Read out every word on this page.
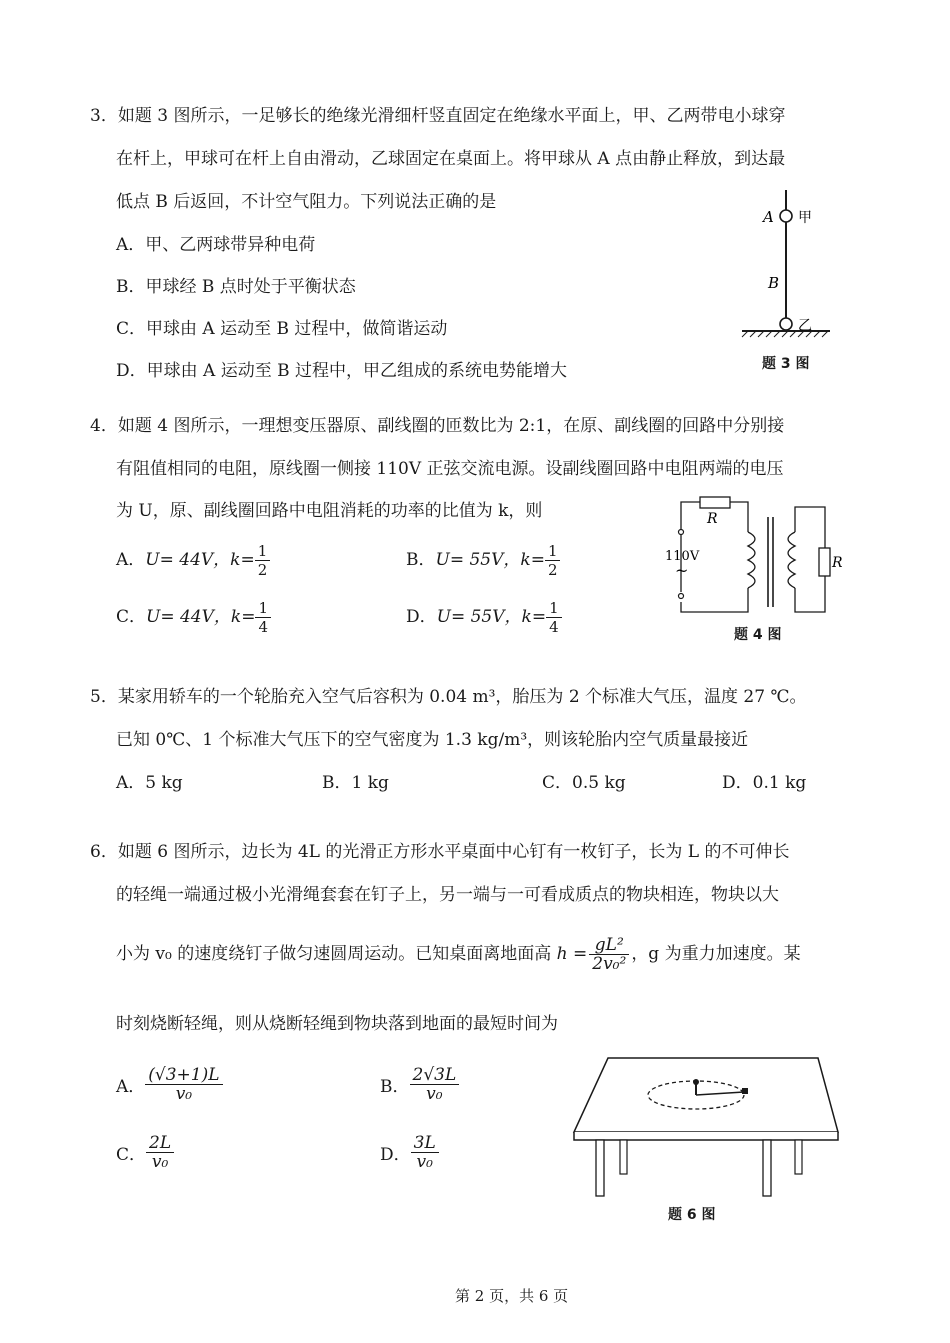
3．如题 3 图所示，一足够长的绝缘光滑细杆竖直固定在绝缘水平面上，甲、乙两带电小球穿
在杆上，甲球可在杆上自由滑动，乙球固定在桌面上。将甲球从 A 点由静止释放，到达最
低点 B 后返回，不计空气阻力。下列说法正确的是
A．甲、乙两球带异种电荷
B．甲球经 B 点时处于平衡状态
C．甲球由 A 运动至 B 过程中，做简谐运动
D．甲球由 A 运动至 B 过程中，甲乙组成的系统电势能增大
A 甲
B
乙
题 3 图
4．如题 4 图所示，一理想变压器原、副线圈的匝数比为 2:1，在原、副线圈的回路中分别接
有阻值相同的电阻，原线圈一侧接 110V 正弦交流电源。设副线圈回路中电阻两端的电压
为 U，原、副线圈回路中电阻消耗的功率的比值为 k，则
A．U= 44V，$k= \frac{1}{2}$	B．U= 55V，$k= \frac{1}{2}$
C．U= 44V，$k= \frac{1}{4}$	D．U= 55V，$k= \frac{1}{4}$
R
R
110V
~
题 4 图
5．某家用轿车的一个轮胎充入空气后容积为 0.04 m³，胎压为 2 个标准大气压，温度 27 ℃。
已知 0℃、1 个标准大气压下的空气密度为 1.3 kg/m³，则该轮胎内空气质量最接近
A．5 kg	B．1 kg	C．0.5 kg	D．0.1 kg
6．如题 6 图所示，边长为 4L 的光滑正方形水平桌面中心钉有一枚钉子，长为 L 的不可伸长
的轻绳一端通过极小光滑绳套套在钉子上，另一端与一可看成质点的物块相连，物块以大
小为 v₀ 的速度绕钉子做匀速圆周运动。已知桌面离地面高 $h = \frac{\text{gL²}}{\text{2v₀²}}$ ，g 为重力加速度。某
时刻烧断轻绳，则从烧断轻绳到物块落到地面的最短时间为
A． $\frac{(√3+1)L}{\text{v₀}}$	B． $\frac{2√3L}{\text{v₀}}$
C． $\frac{2L}{\text{v₀}}$	D． $\frac{3L}{\text{v₀}}$
题 6 图
第 2 页，共 6 页
